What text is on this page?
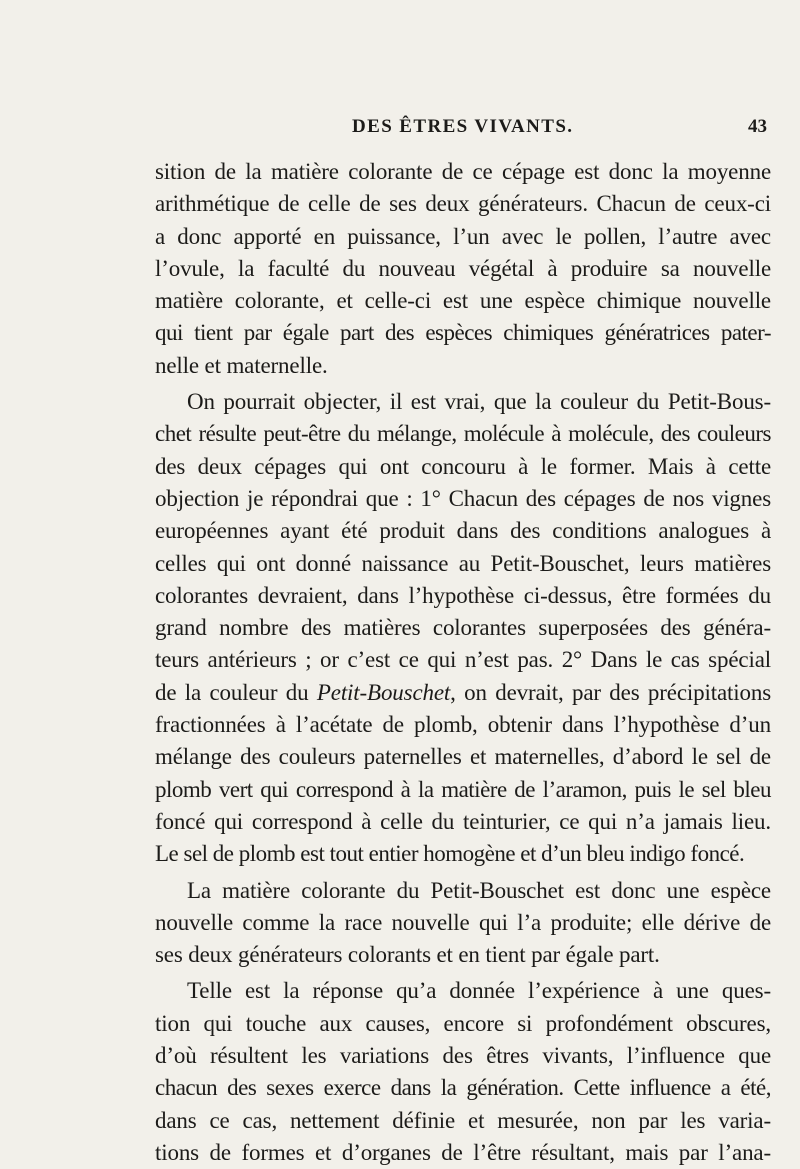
DES ÊTRES VIVANTS.	43
sition de la matière colorante de ce cépage est donc la moyenne
arithmétique de celle de ses deux générateurs. Chacun de ceux-ci
a donc apporté en puissance, l’un avec le pollen, l’autre avec
l’ovule, la faculté du nouveau végétal à produire sa nouvelle
matière colorante, et celle-ci est une espèce chimique nouvelle
qui tient par égale part des espèces chimiques génératrices pater-
nelle et maternelle.
On pourrait objecter, il est vrai, que la couleur du Petit-Bous-
chet résulte peut-être du mélange, molécule à molécule, des couleurs
des deux cépages qui ont concouru à le former. Mais à cette
objection je répondrai que : 1° Chacun des cépages de nos vignes
européennes ayant été produit dans des conditions analogues à
celles qui ont donné naissance au Petit-Bouschet, leurs matières
colorantes devraient, dans l’hypothèse ci-dessus, être formées du
grand nombre des matières colorantes superposées des généra-
teurs antérieurs ; or c’est ce qui n’est pas. 2° Dans le cas spécial
de la couleur du Petit-Bouschet, on devrait, par des précipitations
fractionnées à l’acétate de plomb, obtenir dans l’hypothèse d’un
mélange des couleurs paternelles et maternelles, d’abord le sel de
plomb vert qui correspond à la matière de l’aramon, puis le sel bleu
foncé qui correspond à celle du teinturier, ce qui n’a jamais lieu.
Le sel de plomb est tout entier homogène et d’un bleu indigo foncé.
La matière colorante du Petit-Bouschet est donc une espèce
nouvelle comme la race nouvelle qui l’a produite; elle dérive de
ses deux générateurs colorants et en tient par égale part.
Telle est la réponse qu’a donnée l’expérience à une ques-
tion qui touche aux causes, encore si profondément obscures,
d’où résultent les variations des êtres vivants, l’influence que
chacun des sexes exerce dans la génération. Cette influence a été,
dans ce cas, nettement définie et mesurée, non par les varia-
tions de formes et d’organes de l’être résultant, mais par l’ana-
